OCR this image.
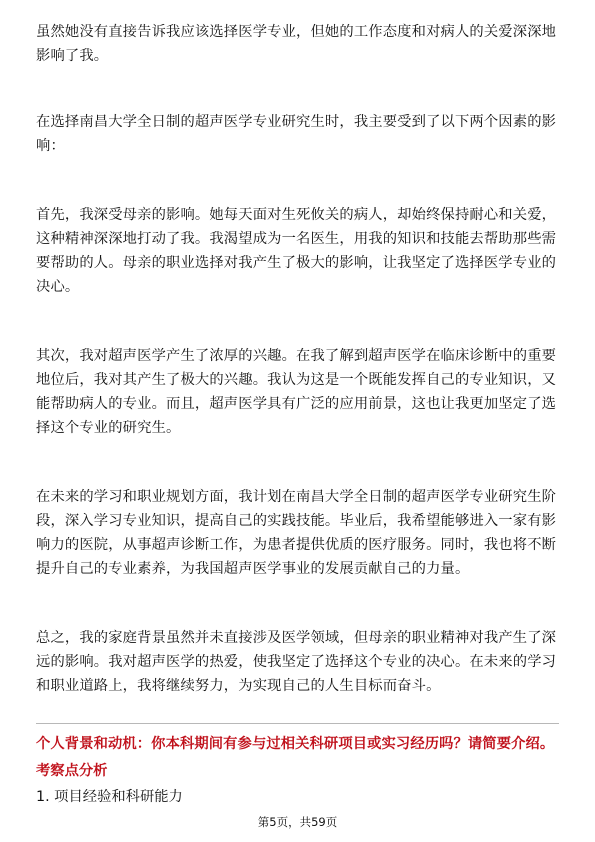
虽然她没有直接告诉我应该选择医学专业，但她的工作态度和对病人的关爱深深地影响了我。

在选择南昌大学全日制的超声医学专业研究生时，我主要受到了以下两个因素的影响：

首先，我深受母亲的影响。她每天面对生死攸关的病人，却始终保持耐心和关爱，这种精神深深地打动了我。我渴望成为一名医生，用我的知识和技能去帮助那些需要帮助的人。母亲的职业选择对我产生了极大的影响，让我坚定了选择医学专业的决心。

其次，我对超声医学产生了浓厚的兴趣。在我了解到超声医学在临床诊断中的重要地位后，我对其产生了极大的兴趣。我认为这是一个既能发挥自己的专业知识，又能帮助病人的专业。而且，超声医学具有广泛的应用前景，这也让我更加坚定了选择这个专业的研究生。

在未来的学习和职业规划方面，我计划在南昌大学全日制的超声医学专业研究生阶段，深入学习专业知识，提高自己的实践技能。毕业后，我希望能够进入一家有影响力的医院，从事超声诊断工作，为患者提供优质的医疗服务。同时，我也将不断提升自己的专业素养，为我国超声医学事业的发展贡献自己的力量。

总之，我的家庭背景虽然并未直接涉及医学领域，但母亲的职业精神对我产生了深远的影响。我对超声医学的热爱，使我坚定了选择这个专业的决心。在未来的学习和职业道路上，我将继续努力，为实现自己的人生目标而奋斗。

个人背景和动机：你本科期间有参与过相关科研项目或实习经历吗？请简要介绍。
考察点分析
1. 项目经验和科研能力
第5页，共59页
